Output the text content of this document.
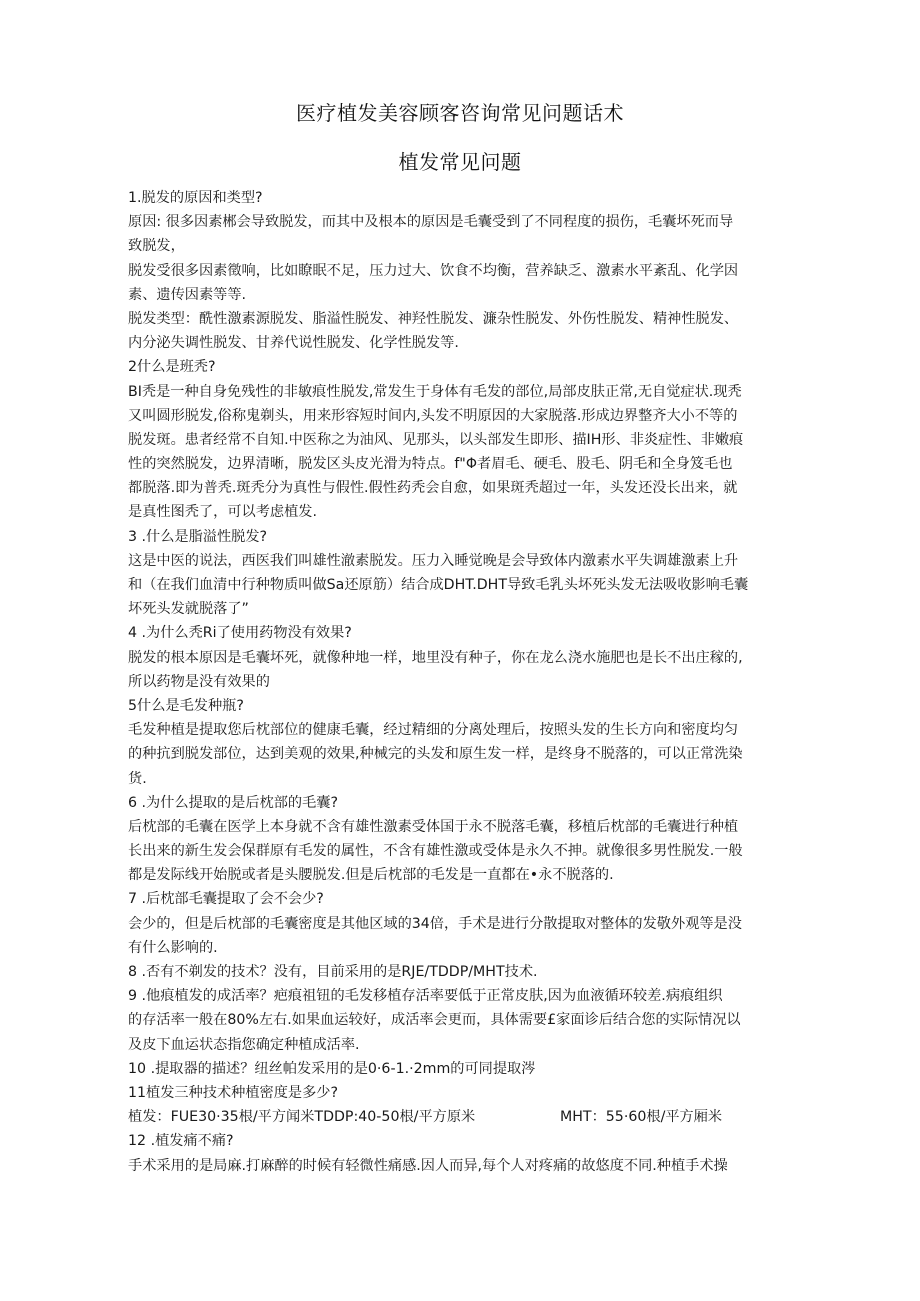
医疗植发美容顾客咨询常见问题话术
植发常见问题
1.脱发的原因和类型?
原因: 很多因素郴会导致脱发，而其中及根本的原因是毛囊受到了不同程度的损伤，毛囊坏死而导
致脱发，
脱发受很多因素徵响，比如瞭眠不足，压力过大、饮食不均衡，营养缺乏、激素水平紊乱、化学因
素、遗传因素等等.
脱发类型：酰性激素源脱发、脂溢性脱发、神羟性脱发、濂杂性脱发、外伤性脱发、精神性脱发、
内分泌失调性脱发、甘养代说性脱发、化学性脱发等.
2什么是班秃?
BI秃是一种自身免残性的非敏痕性脱发,常发生于身体有毛发的部位,局部皮肤正常,无自觉症状.现秃
又叫圆形脱发,俗称鬼剃头，用来形容短时间内,头发不明原因的大家脱落.形成边界整齐大小不等的
脱发斑。患者经常不自知.中医称之为油风、见那头，以头部发生即形、描IH形、非炎症性、非嫩痕
性的突然脱发，边界清晰，脱发区头皮光滑为特点。f"Φ者眉毛、硬毛、股毛、阴毛和全身笈毛也
都脱落.即为普秃.斑秃分为真性与假性.假性药秃会自愈，如果斑秃超过一年，头发还没长出来，就
是真性图秃了，可以考虑植发.
3 .什么是脂溢性脱发?
这是中医的说法，西医我们叫雄性澈素脱发。压力入睡觉晚是会导致体内激素水平失调雄激素上升
和（在我们血清中行种物质叫做Sa还原筋）结合成DHT.DHT导致毛乳头坏死头发无法吸收影响毛囊
坏死头发就脱落了”
4 .为什么秃Ri了使用药物没有效果?
脱发的根本原因是毛囊坏死，就像种地一样，地里没有种子，你在龙么浇水施肥也是长不出庄稼的,
所以药物是没有效果的
5什么是毛发种瓶?
毛发种植是提取您后枕部位的健康毛囊，经过精细的分离处理后，按照头发的生长方向和密度均匀
的种抗到脱发部位，达到美观的效果,种械完的头发和原生发一样，是终身不脱落的，可以正常洗染
货.
6 .为什么提取的是后枕部的毛囊?
后枕部的毛囊在医学上本身就不含有雄性激素受体国于永不脱落毛囊，移植后枕部的毛囊进行种植
长出来的新生发会保群原有毛发的属性，不含有雄性激或受体是永久不抻。就像很多男性脱发.一般
都是发际线开始脱或者是头腰脱发.但是后枕部的毛发是一直都在•永不脱落的.
7 .后枕部毛囊提取了会不会少?
会少的，但是后枕部的毛囊密度是其他区域的34倍，手术是进行分散提取对整体的发敬外观等是没
有什么影响的.
8 .否有不剃发的技术？没有，目前采用的是RJE/TDDP/MHT技术.
9 .他痕植发的成活率？疤痕祖钮的毛发移植存活率要低于正常皮肤,因为血液循环较差.病痕组织
的存活率一般在80%左右.如果血运较好，成活率会更而，具体需要£家面诊后结合您的实际情况以
及皮下血运状态指您确定种植成活率.
10 .提取器的描述？纽丝帕发采用的是0·6-1.·2mm的可同提取涔
11植发三种技术种植密度是多少?
植发：FUE30·35根/平方闻米TDDP:40-50根/平方原米	MHT：55·60根/平方厢米
12 .植发痛不痛?
手术采用的是局麻.打麻醉的时候有轻微性痛感.因人而异,每个人对疼痛的故悠度不同.种植手术操
